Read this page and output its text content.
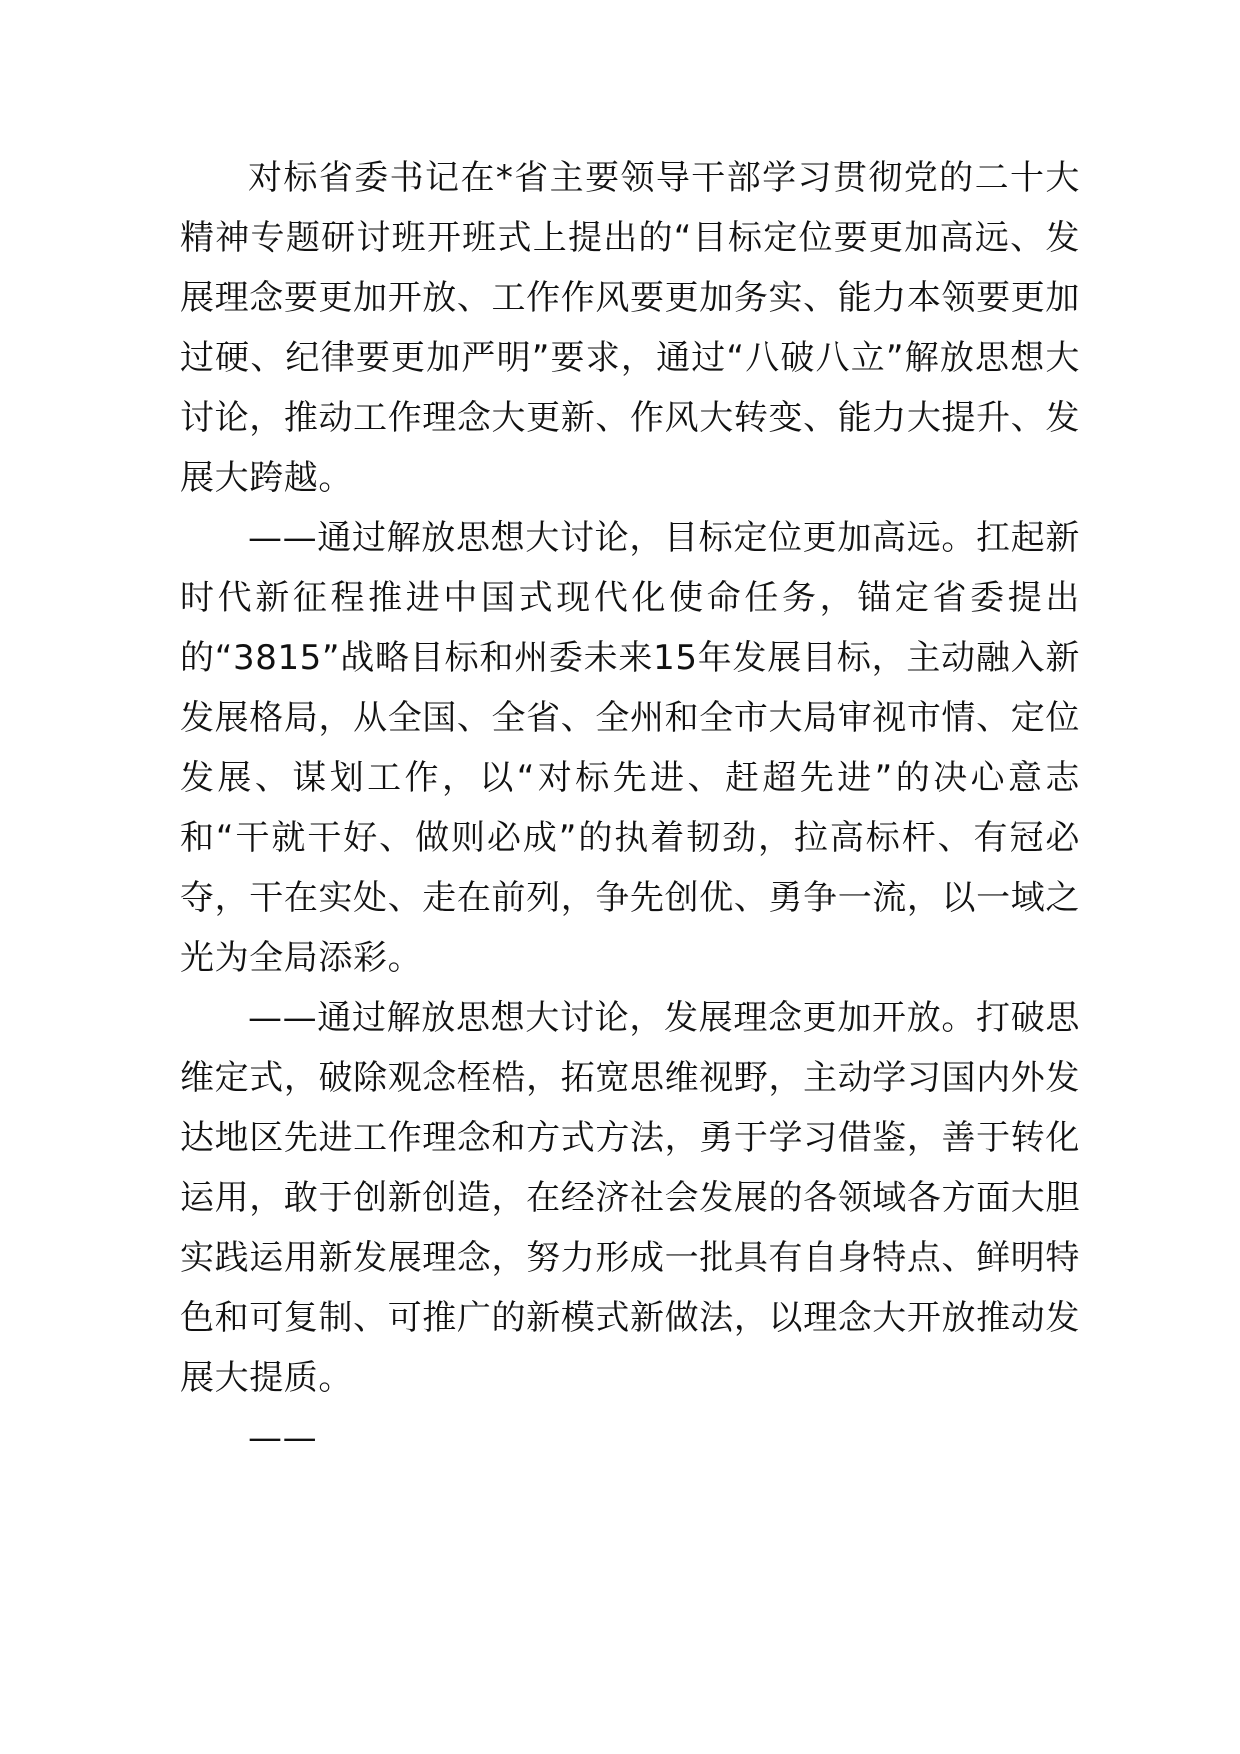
对标省委书记在*省主要领导干部学习贯彻党的二十大精神专题研讨班开班式上提出的“目标定位要更加高远、发展理念要更加开放、工作作风要更加务实、能力本领要更加过硬、纪律要更加严明”要求，通过“八破八立”解放思想大讨论，推动工作理念大更新、作风大转变、能力大提升、发展大跨越。

——通过解放思想大讨论，目标定位更加高远。扛起新时代新征程推进中国式现代化使命任务，锚定省委提出的“3815”战略目标和州委未来15年发展目标，主动融入新发展格局，从全国、全省、全州和全市大局审视市情、定位发展、谋划工作，以“对标先进、赶超先进”的决心意志和“干就干好、做则必成”的执着韧劲，拉高标杆、有冠必夺，干在实处、走在前列，争先创优、勇争一流，以一域之光为全局添彩。

——通过解放思想大讨论，发展理念更加开放。打破思维定式，破除观念桎梏，拓宽思维视野，主动学习国内外发达地区先进工作理念和方式方法，勇于学习借鉴，善于转化运用，敢于创新创造，在经济社会发展的各领域各方面大胆实践运用新发展理念，努力形成一批具有自身特点、鲜明特色和可复制、可推广的新模式新做法，以理念大开放推动发展大提质。

——
